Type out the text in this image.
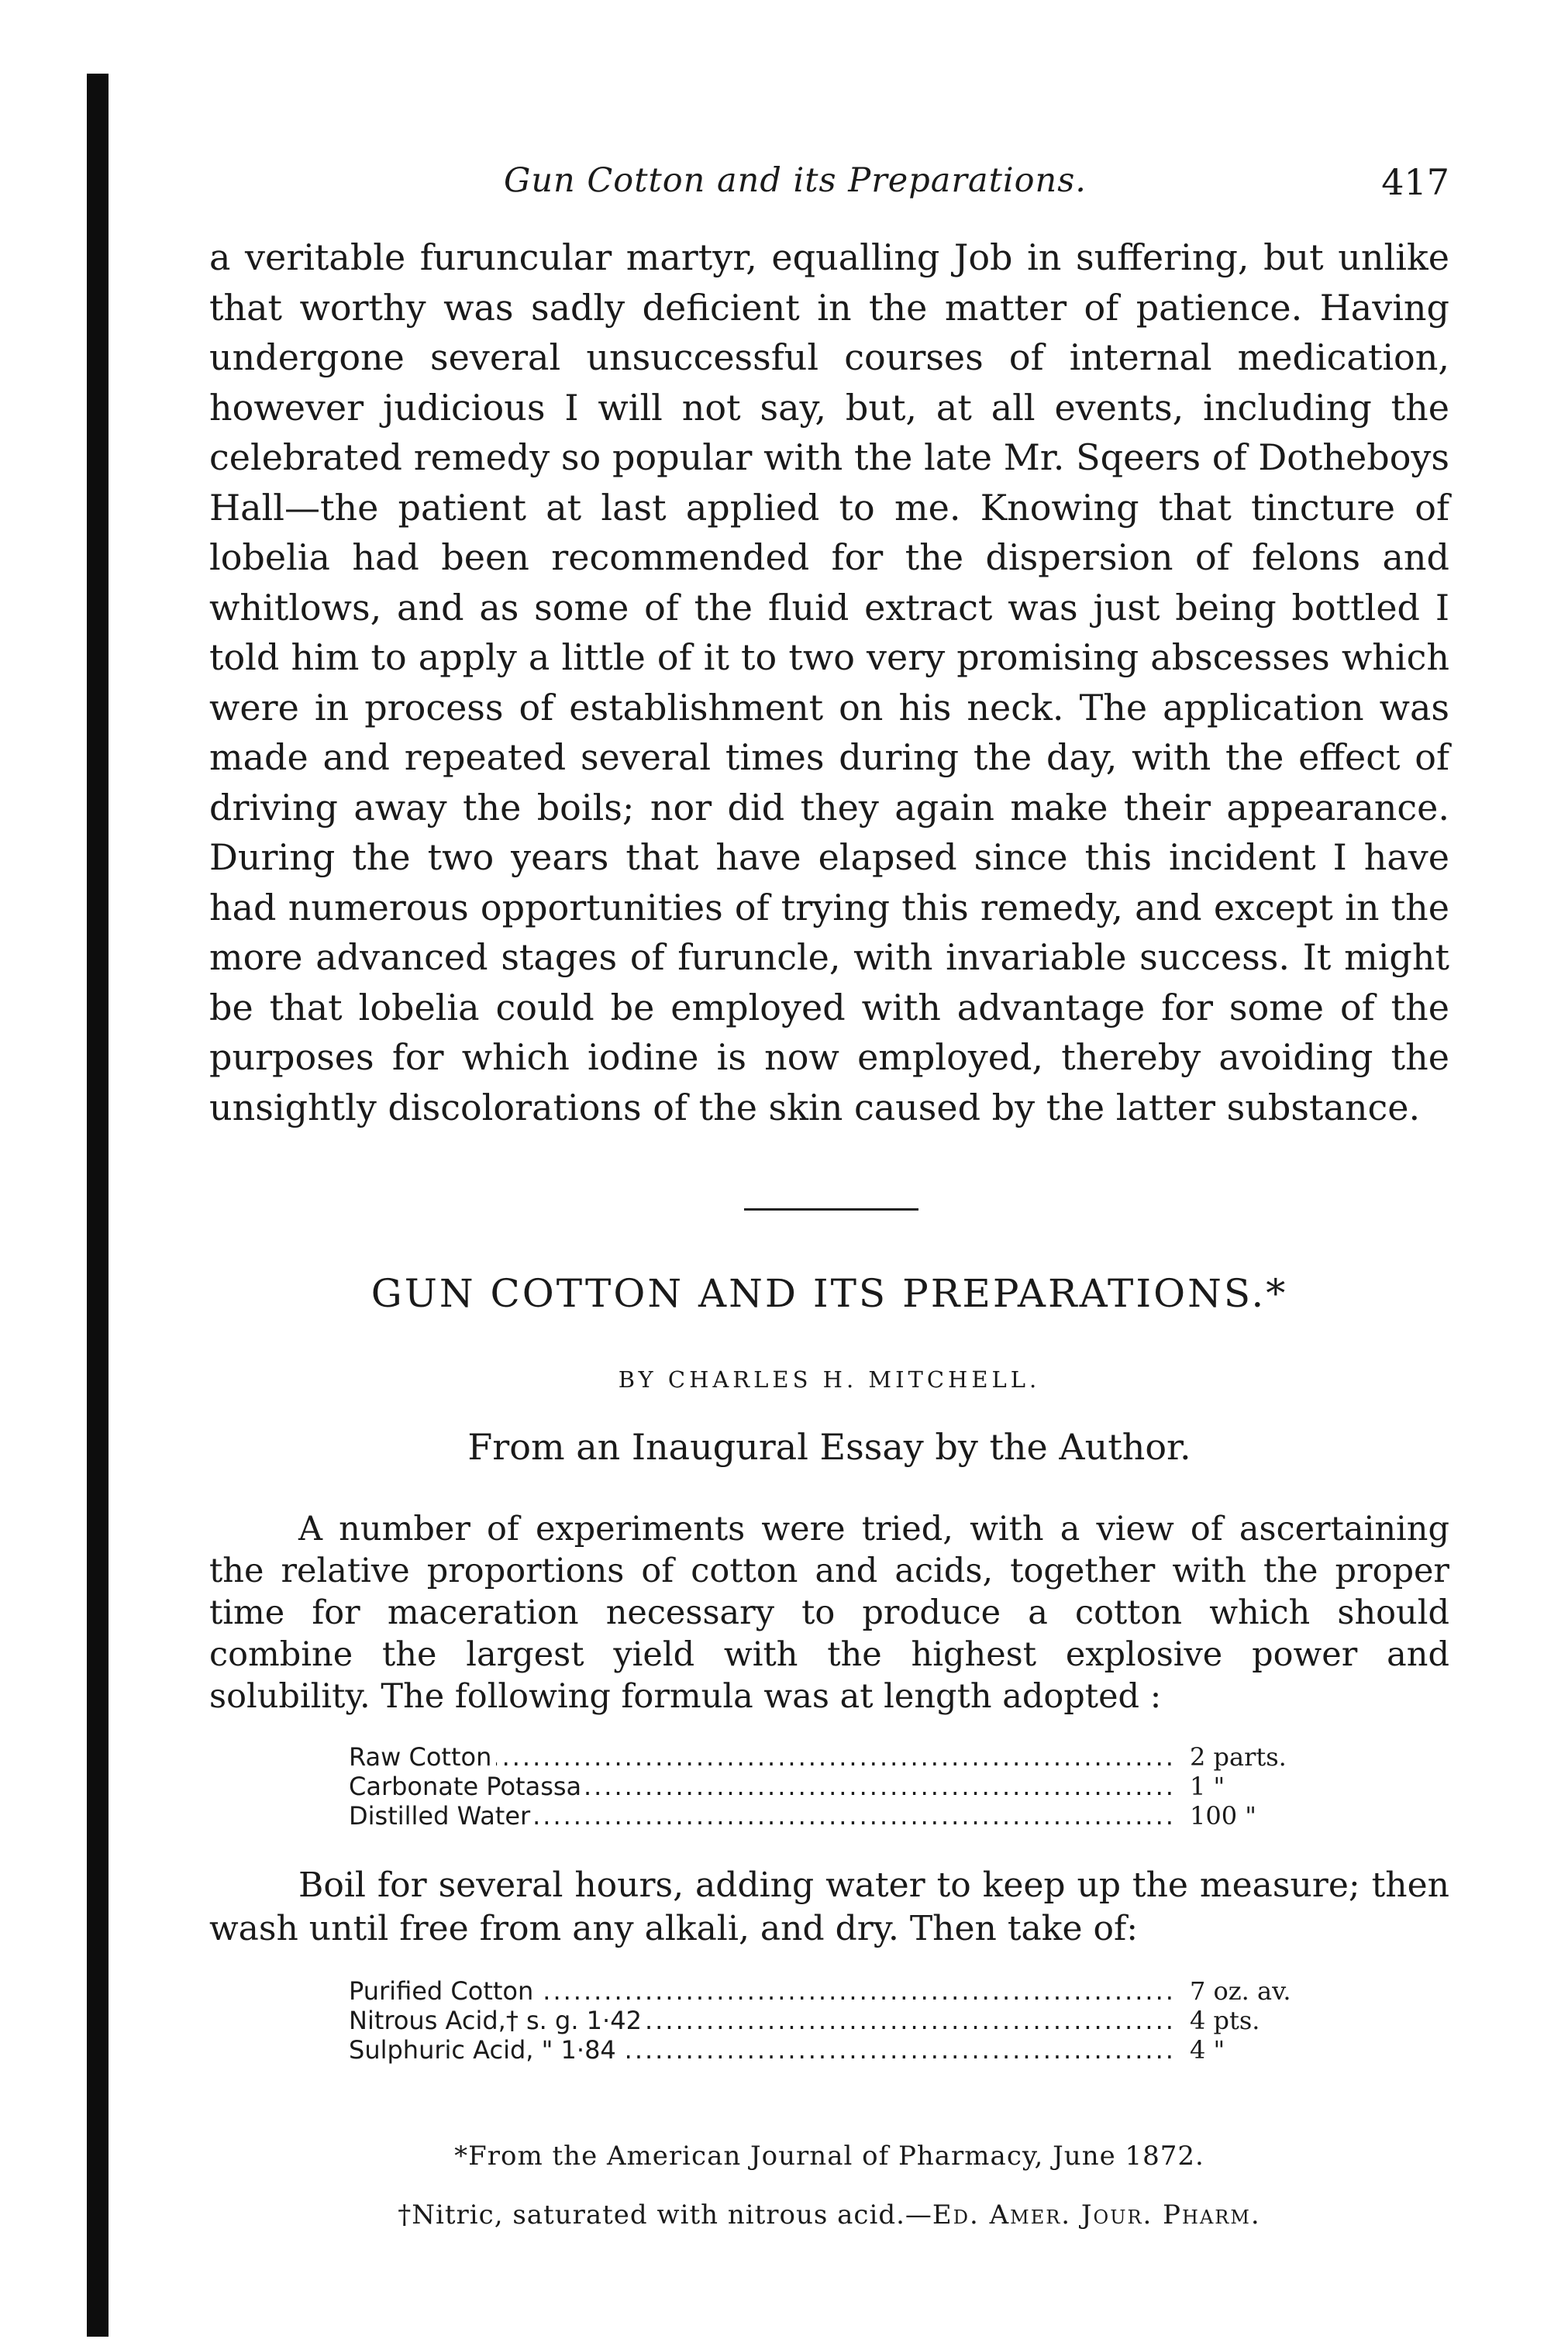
Gun Cotton and its Preparations.	417

a veritable furuncular martyr, equalling Job in suffering, but unlike that worthy was sadly deficient in the matter of patience. Having undergone several unsuccessful courses of internal medication, however judicious I will not say, but, at all events, including the celebrated remedy so popular with the late Mr. Sqeers of Dotheboys Hall—the patient at last applied to me. Knowing that tincture of lobelia had been recommended for the dispersion of felons and whitlows, and as some of the fluid extract was just being bottled I told him to apply a little of it to two very promising abscesses which were in process of establishment on his neck. The application was made and repeated several times during the day, with the effect of driving away the boils; nor did they again make their appearance. During the two years that have elapsed since this incident I have had numerous opportunities of trying this remedy, and except in the more advanced stages of furuncle, with invariable success. It might be that lobelia could be employed with advantage for some of the purposes for which iodine is now employed, thereby avoiding the unsightly discolorations of the skin caused by the latter substance.

GUN COTTON AND ITS PREPARATIONS.*
BY CHARLES H. MITCHELL.
From an Inaugural Essay by the Author.

A number of experiments were tried, with a view of ascertaining the relative proportions of cotton and acids, together with the proper time for maceration necessary to produce a cotton which should combine the largest yield with the highest explosive power and solubility. The following formula was at length adopted :

Raw Cotton .....	2 parts.
Carbonate Potassa .....	1 "
Distilled Water .....	100 "

Boil for several hours, adding water to keep up the measure; then wash until free from any alkali, and dry. Then take of:

Purified Cotton .....	7 oz. av.
Nitrous Acid,† s. g. 1·42 .....	4 pts.
Sulphuric Acid, " 1·84 .....	4 "
*From the American Journal of Pharmacy, June 1872.
†Nitric, saturated with nitrous acid.—Ed. Amer. Jour. Pharm.
